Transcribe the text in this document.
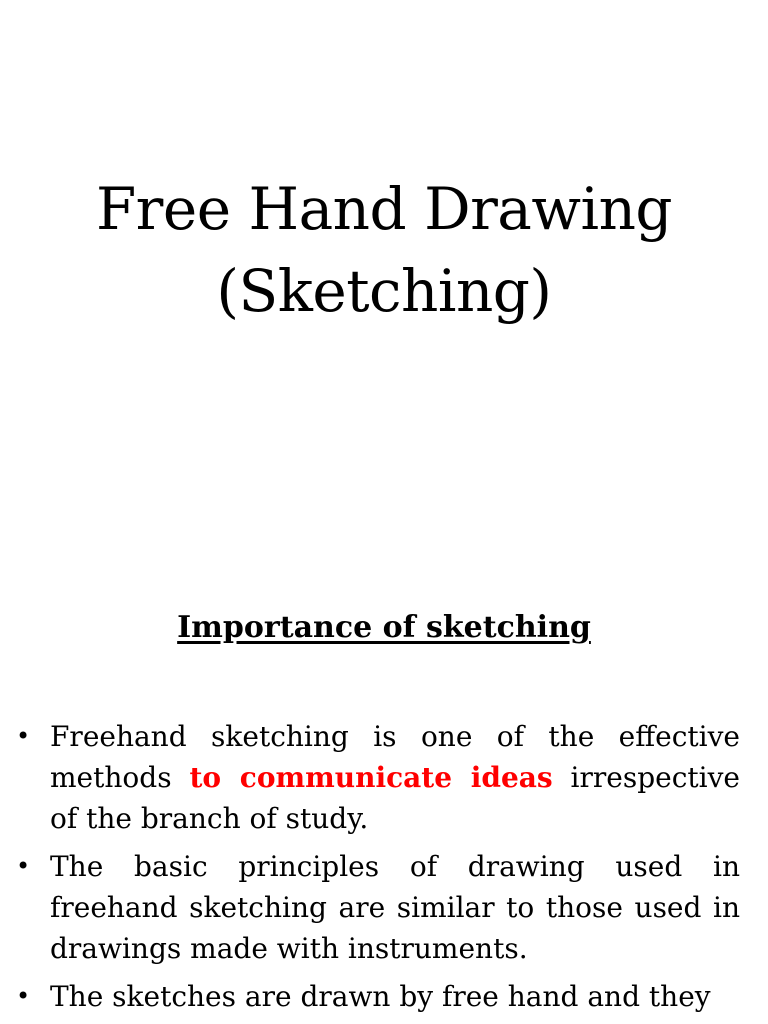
Free Hand Drawing
(Sketching)
Importance of sketching
• Freehand sketching is one of the effective methods to communicate ideas irrespective of the branch of study.
• The basic principles of drawing used in freehand sketching are similar to those used in drawings made with instruments.
• The sketches are drawn by free hand and they
